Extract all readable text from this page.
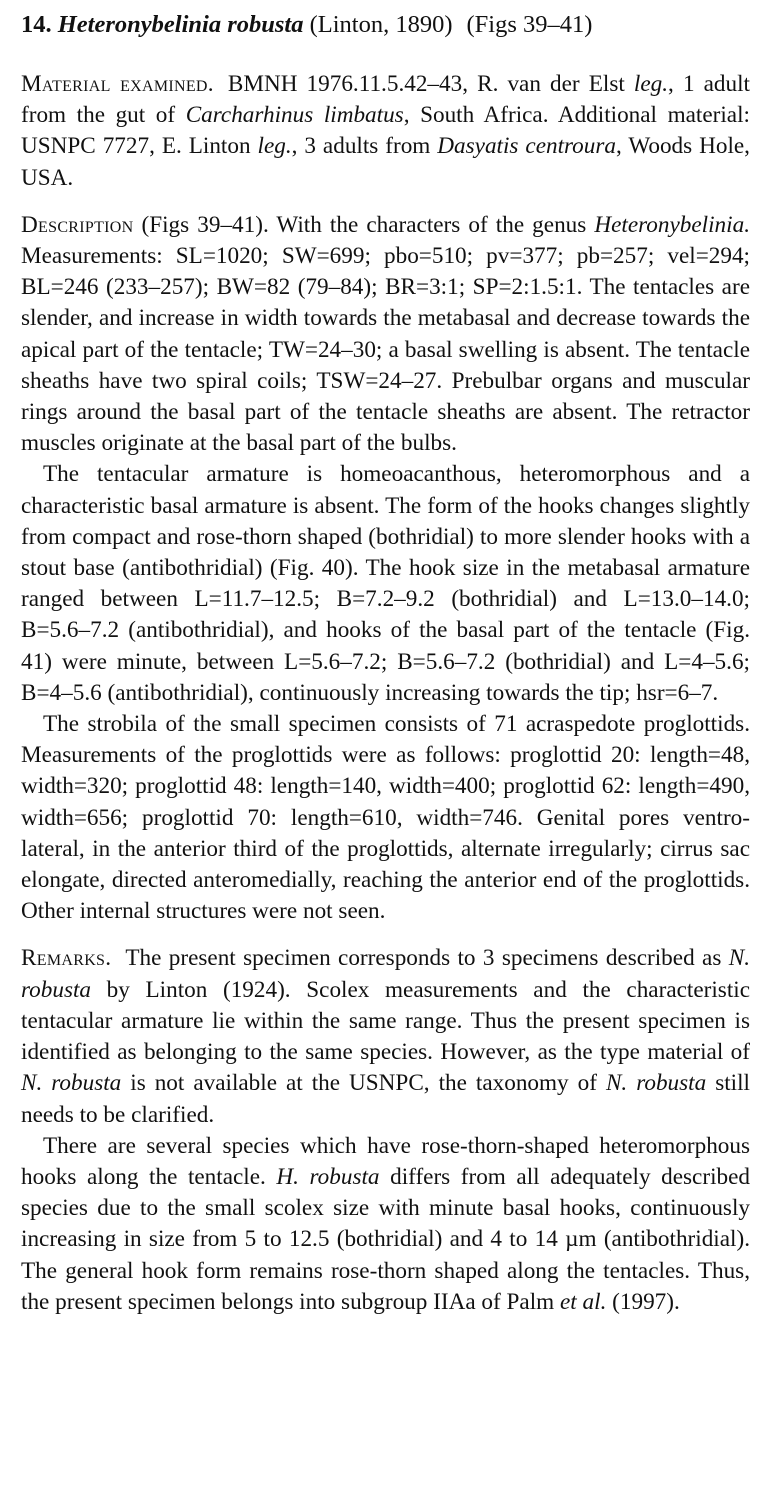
14. Heteronybelinia robusta (Linton, 1890) (Figs 39–41)

Material examined. BMNH 1976.11.5.42–43, R. van der Elst leg., 1 adult from the gut of Carcharhinus limbatus, South Africa. Additional material: USNPC 7727, E. Linton leg., 3 adults from Dasyatis centroura, Woods Hole, USA.

Description (Figs 39–41). With the characters of the genus Heteronybelinia. Measurements: SL=1020; SW=699; pbo=510; pv=377; pb=257; vel=294; BL=246 (233–257); BW=82 (79–84); BR=3:1; SP=2:1.5:1. The tentacles are slender, and increase in width towards the metabasal and decrease towards the apical part of the tentacle; TW=24–30; a basal swelling is absent. The tentacle sheaths have two spiral coils; TSW=24–27. Prebulbar organs and muscular rings around the basal part of the tentacle sheaths are absent. The retractor muscles originate at the basal part of the bulbs.

The tentacular armature is homeoacanthous, heteromorphous and a characteristic basal armature is absent. The form of the hooks changes slightly from compact and rose-thorn shaped (bothridial) to more slender hooks with a stout base (antibothridial) (Fig. 40). The hook size in the metabasal armature ranged between L=11.7–12.5; B=7.2–9.2 (bothridial) and L=13.0–14.0; B=5.6–7.2 (antibothridial), and hooks of the basal part of the tentacle (Fig. 41) were minute, between L=5.6–7.2; B=5.6–7.2 (bothridial) and L=4–5.6; B=4–5.6 (antibothridial), continuously increasing towards the tip; hsr=6–7.

The strobila of the small specimen consists of 71 acraspedote proglottids. Measurements of the proglottids were as follows: proglottid 20: length=48, width=320; proglottid 48: length=140, width=400; proglottid 62: length=490, width=656; proglottid 70: length=610, width=746. Genital pores ventro-lateral, in the anterior third of the proglottids, alternate irregularly; cirrus sac elongate, directed anteromedially, reaching the anterior end of the proglottids. Other internal structures were not seen.

Remarks. The present specimen corresponds to 3 specimens described as N. robusta by Linton (1924). Scolex measurements and the characteristic tentacular armature lie within the same range. Thus the present specimen is identified as belonging to the same species. However, as the type material of N. robusta is not available at the USNPC, the taxonomy of N. robusta still needs to be clarified.

There are several species which have rose-thorn-shaped heteromorphous hooks along the tentacle. H. robusta differs from all adequately described species due to the small scolex size with minute basal hooks, continuously increasing in size from 5 to 12.5 (bothridial) and 4 to 14 µm (antibothridial). The general hook form remains rose-thorn shaped along the tentacles. Thus, the present specimen belongs into subgroup IIAa of Palm et al. (1997).
